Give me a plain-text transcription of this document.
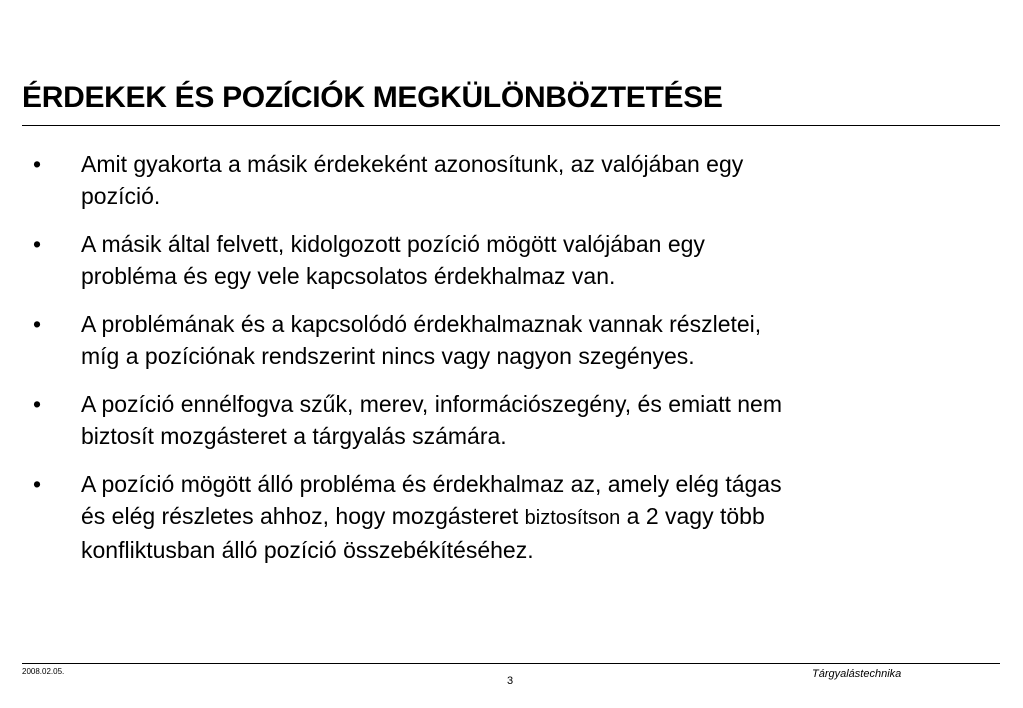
ÉRDEKEK ÉS POZÍCIÓK MEGKÜLÖNBÖZTETÉSE
• Amit gyakorta a másik érdekeként azonosítunk, az valójában egy
pozíció.
• A másik által felvett, kidolgozott pozíció mögött valójában egy
probléma és egy vele kapcsolatos érdekhalmaz van.
• A problémának és a kapcsolódó érdekhalmaznak vannak részletei,
míg a pozíciónak rendszerint nincs vagy nagyon szegényes.
• A pozíció ennélfogva szűk, merev, információszegény, és emiatt nem
biztosít mozgásteret a tárgyalás számára.
• A pozíció mögött álló probléma és érdekhalmaz az, amely elég tágas
és elég részletes ahhoz, hogy mozgásteret biztosítson a 2 vagy több
konfliktusban álló pozíció összebékítéséhez.
2008.02.05.
3
Tárgyalástechnika
